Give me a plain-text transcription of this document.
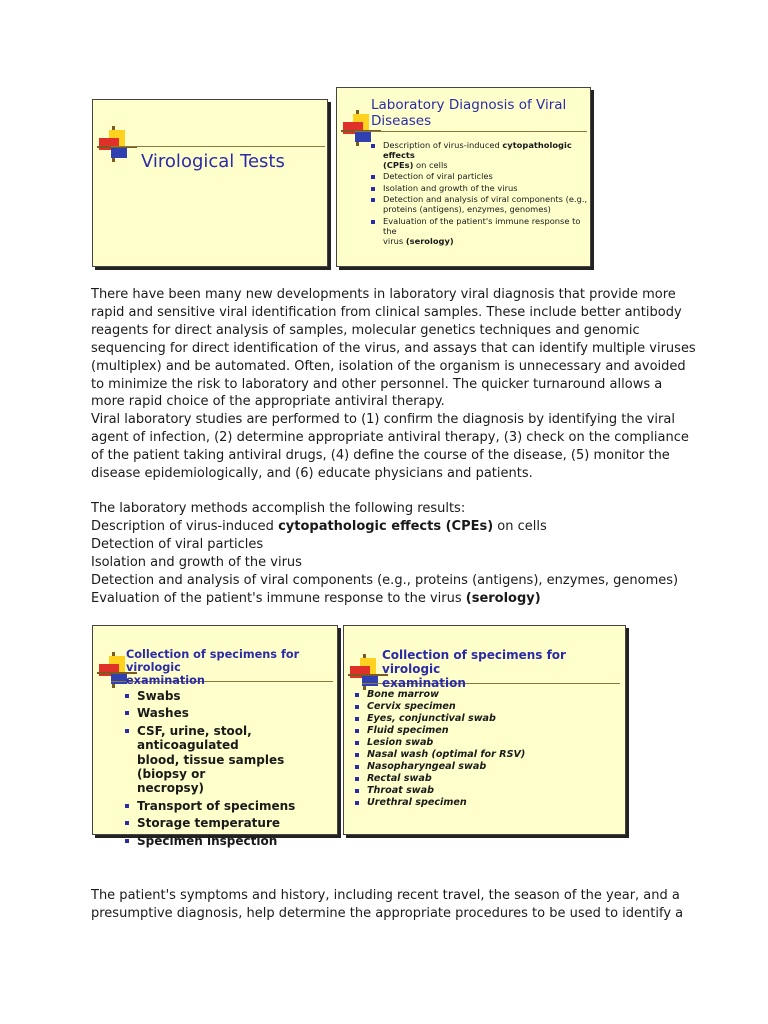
Virological Tests
Laboratory Diagnosis of Viral
Diseases
Description of virus-induced cytopathologic effects
(CPEs) on cells
Detection of viral particles
Isolation and growth of the virus
Detection and analysis of viral components (e.g.,
proteins (antigens), enzymes, genomes)
Evaluation of the patient's immune response to the
virus (serology)

There have been many new developments in laboratory viral diagnosis that provide more

rapid and sensitive viral identification from clinical samples. These include better antibody

reagents for direct analysis of samples, molecular genetics techniques and genomic

sequencing for direct identification of the virus, and assays that can identify multiple viruses

(multiplex) and be automated. Often, isolation of the organism is unnecessary and avoided

to minimize the risk to laboratory and other personnel. The quicker turnaround allows a

more rapid choice of the appropriate antiviral therapy.

Viral laboratory studies are performed to (1) confirm the diagnosis by identifying the viral

agent of infection, (2) determine appropriate antiviral therapy, (3) check on the compliance

of the patient taking antiviral drugs, (4) define the course of the disease, (5) monitor the

disease epidemiologically, and (6) educate physicians and patients.

The laboratory methods accomplish the following results:

Description of virus-induced cytopathologic effects (CPEs) on cells

Detection of viral particles

Isolation and growth of the virus

Detection and analysis of viral components (e.g., proteins (antigens), enzymes, genomes)

Evaluation of the patient's immune response to the virus (serology)

Collection of specimens for virologic
examination
Swabs
Washes
CSF, urine, stool, anticoagulated
blood, tissue samples (biopsy or
necropsy)
Transport of specimens
Storage temperature
Specimen inspection
Collection of specimens for virologic
examination
Bone marrow
Cervix specimen
Eyes, conjunctival swab
Fluid specimen
Lesion swab
Nasal wash (optimal for RSV)
Nasopharyngeal swab
Rectal swab
Throat swab
Urethral specimen

The patient's symptoms and history, including recent travel, the season of the year, and a

presumptive diagnosis, help determine the appropriate procedures to be used to identify a
